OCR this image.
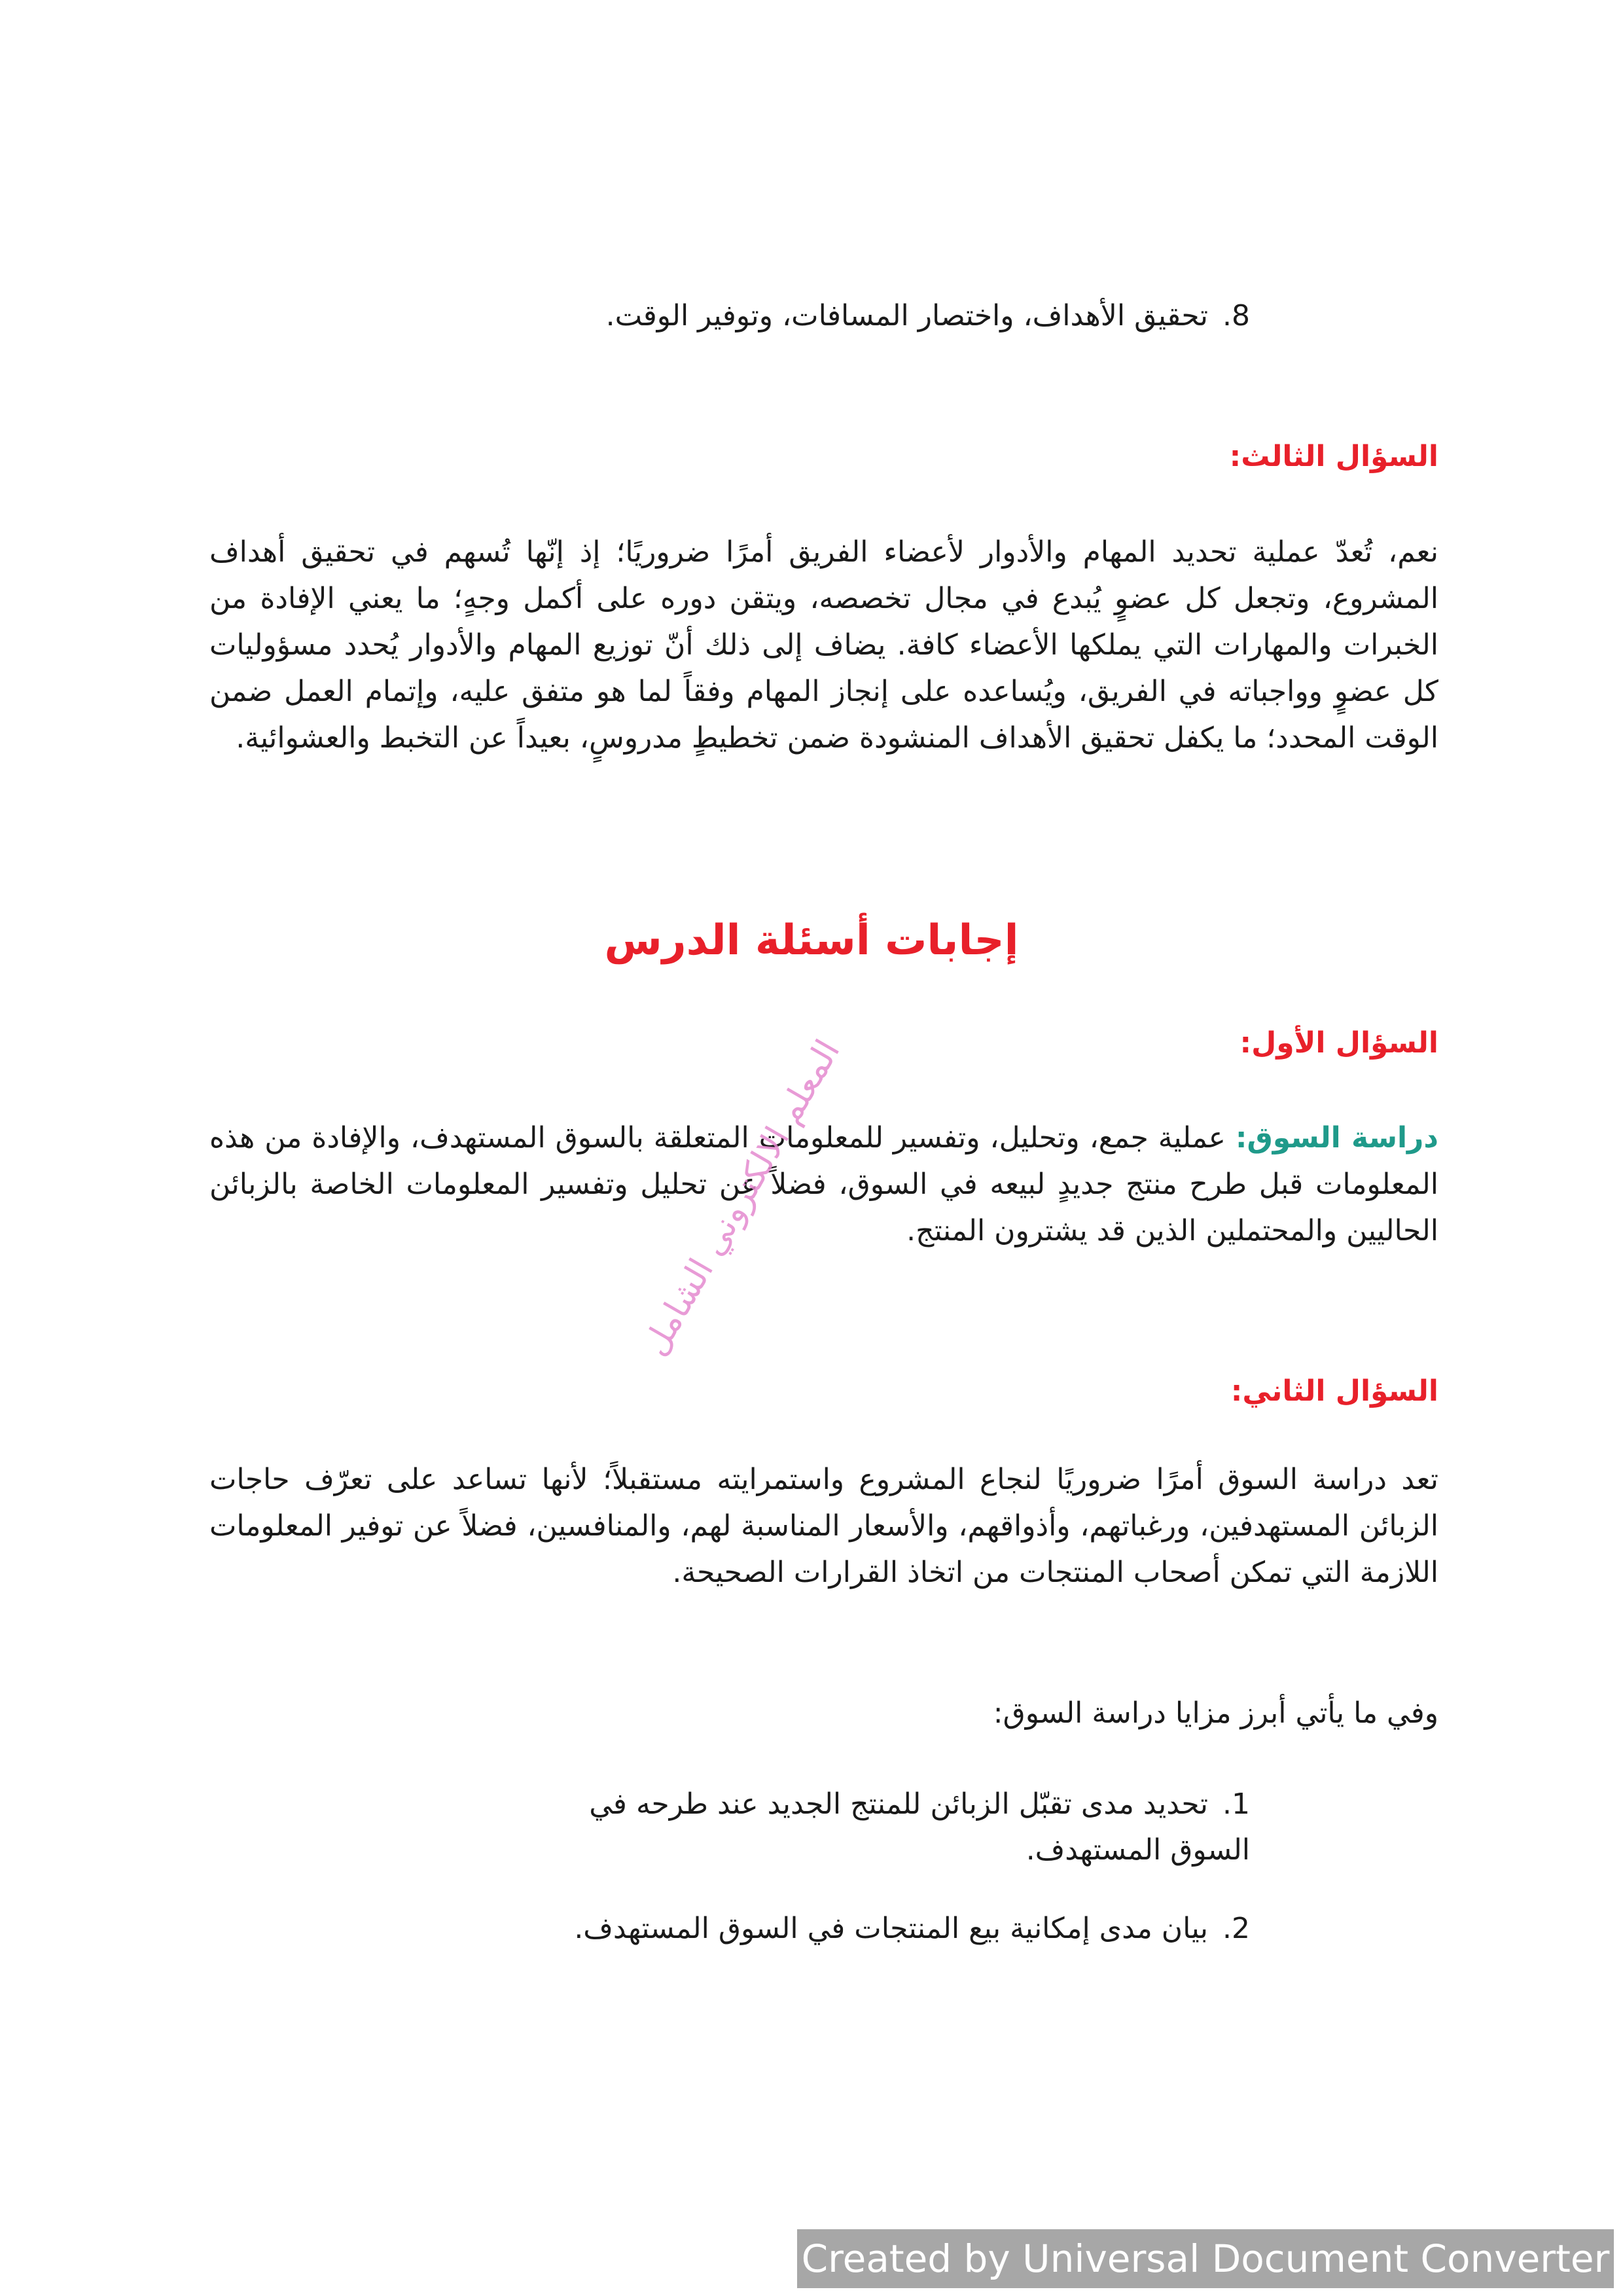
8.تحقيق الأهداف، واختصار المسافات، وتوفير الوقت.
السؤال الثالث:
نعم، تُعدّ عملية تحديد المهام والأدوار لأعضاء الفريق أمرًا ضروريًا؛ إذ إنّها تُسهم في تحقيق أهداف المشروع، وتجعل كل عضوٍ يُبدع في مجال تخصصه، ويتقن دوره على أكمل وجهٍ؛ ما يعني الإفادة من الخبرات والمهارات التي يملكها الأعضاء كافة. يضاف إلى ذلك أنّ توزيع المهام والأدوار يُحدد مسؤوليات كل عضوٍ وواجباته في الفريق، ويُساعده على إنجاز المهام وفقاً لما هو متفق عليه، وإتمام العمل ضمن الوقت المحدد؛ ما يكفل تحقيق الأهداف المنشودة ضمن تخطيطٍ مدروسٍ، بعيداً عن التخبط والعشوائية.
إجابات أسئلة الدرس
السؤال الأول:
دراسة السوق: عملية جمع، وتحليل، وتفسير للمعلومات المتعلقة بالسوق المستهدف، والإفادة من هذه المعلومات قبل طرح منتج جديدٍ لبيعه في السوق، فضلاً عن تحليل وتفسير المعلومات الخاصة بالزبائن الحاليين والمحتملين الذين قد يشترون المنتج.
السؤال الثاني:
تعد دراسة السوق أمرًا ضروريًا لنجاع المشروع واستمرايته مستقبلاً؛ لأنها تساعد على تعرّف حاجات الزبائن المستهدفين، ورغباتهم، وأذواقهم، والأسعار المناسبة لهم، والمنافسين، فضلاً عن توفير المعلومات اللازمة التي تمكن أصحاب المنتجات من اتخاذ القرارات الصحيحة.
وفي ما يأتي أبرز مزايا دراسة السوق:
1.تحديد مدى تقبّل الزبائن للمنتج الجديد عند طرحه في السوق المستهدف.
2.بيان مدى إمكانية بيع المنتجات في السوق المستهدف.
المعلم الالكتروني الشامل
Created by Universal Document Converter
